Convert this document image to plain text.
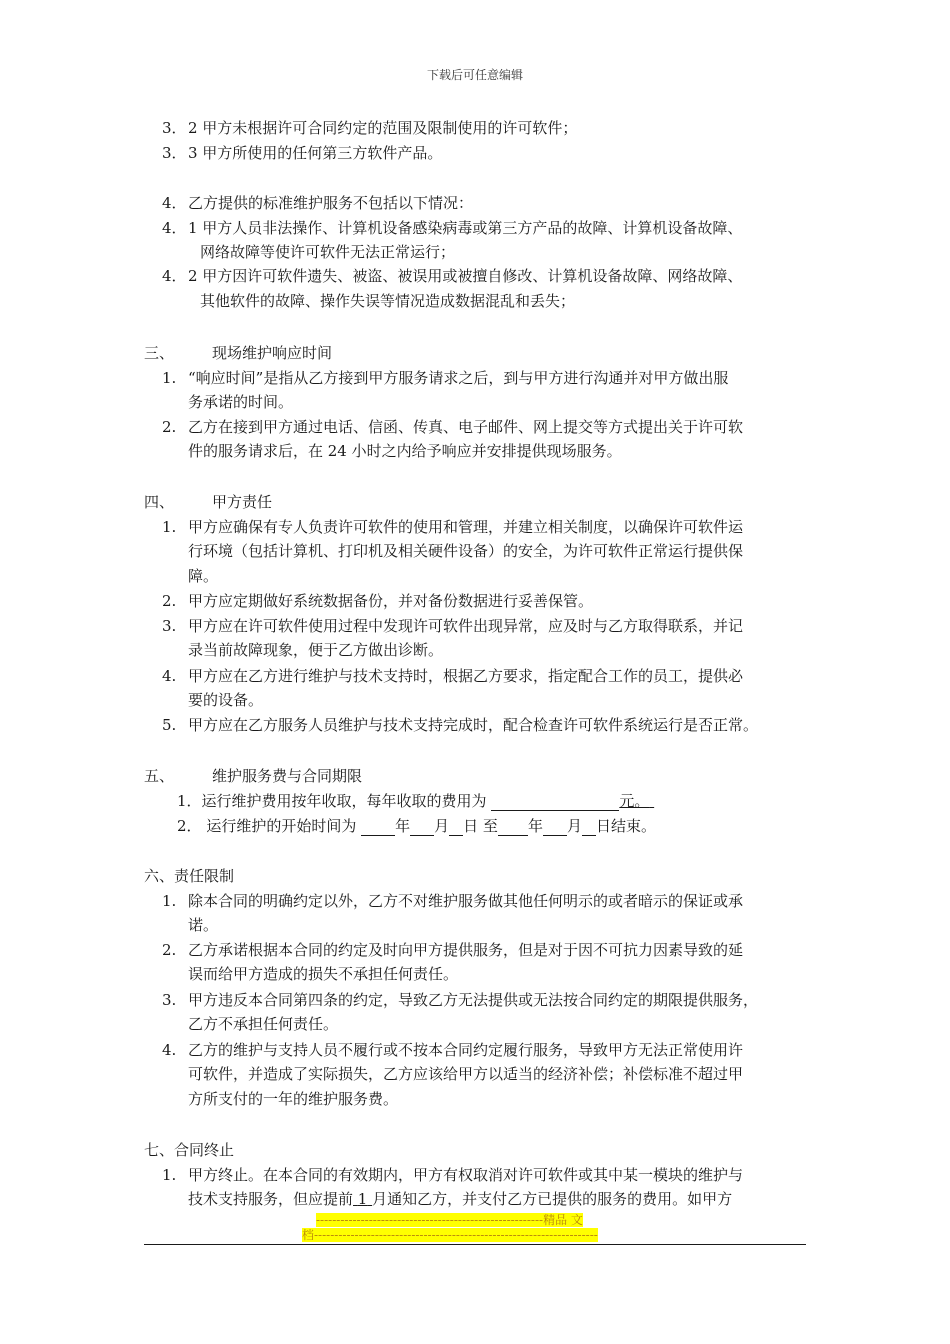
下载后可任意编辑
3．2 甲方未根据许可合同约定的范围及限制使用的许可软件；
3．3 甲方所使用的任何第三方软件产品。
4．乙方提供的标准维护服务不包括以下情况：
4．1 甲方人员非法操作、计算机设备感染病毒或第三方产品的故障、计算机设备故障、
网络故障等使许可软件无法正常运行；
4．2 甲方因许可软件遗失、被盗、被误用或被擅自修改、计算机设备故障、网络故障、
其他软件的故障、操作失误等情况造成数据混乱和丢失；
三、	现场维护响应时间
1. “响应时间”是指从乙方接到甲方服务请求之后，到与甲方进行沟通并对甲方做出服
务承诺的时间。
2. 乙方在接到甲方通过电话、信函、传真、电子邮件、网上提交等方式提出关于许可软
件的服务请求后，在 24 小时之内给予响应并安排提供现场服务。
四、	甲方责任
1. 甲方应确保有专人负责许可软件的使用和管理，并建立相关制度，以确保许可软件运
行环境（包括计算机、打印机及相关硬件设备）的安全，为许可软件正常运行提供保
障。
2. 甲方应定期做好系统数据备份，并对备份数据进行妥善保管。
3. 甲方应在许可软件使用过程中发现许可软件出现异常，应及时与乙方取得联系，并记
录当前故障现象，便于乙方做出诊断。
4. 甲方应在乙方进行维护与技术支持时，根据乙方要求，指定配合工作的员工，提供必
要的设备。
5. 甲方应在乙方服务人员维护与技术支持完成时，配合检查许可软件系统运行是否正常。
五、	维护服务费与合同期限
1．运行维护费用按年收取，每年收取的费用为	元。
2． 运行维护的开始时间为	年 月 日 至 年 月 日结束。
六、责任限制
1. 除本合同的明确约定以外，乙方不对维护服务做其他任何明示的或者暗示的保证或承
诺。
2. 乙方承诺根据本合同的约定及时向甲方提供服务，但是对于因不可抗力因素导致的延
误而给甲方造成的损失不承担任何责任。
3. 甲方违反本合同第四条的约定，导致乙方无法提供或无法按合同约定的期限提供服务，
乙方不承担任何责任。
4. 乙方的维护与支持人员不履行或不按本合同约定履行服务，导致甲方无法正常使用许
可软件，并造成了实际损失，乙方应该给甲方以适当的经济补偿；补偿标准不超过甲
方所支付的一年的维护服务费。
七、合同终止
1. 甲方终止。在本合同的有效期内，甲方有权取消对许可软件或其中某一模块的维护与
技术支持服务，但应提前 1 月通知乙方，并支付乙方已提供的服务的费用。如甲方
--------------------------------------------------------精品 文
档----------------------------------------------------------------------
